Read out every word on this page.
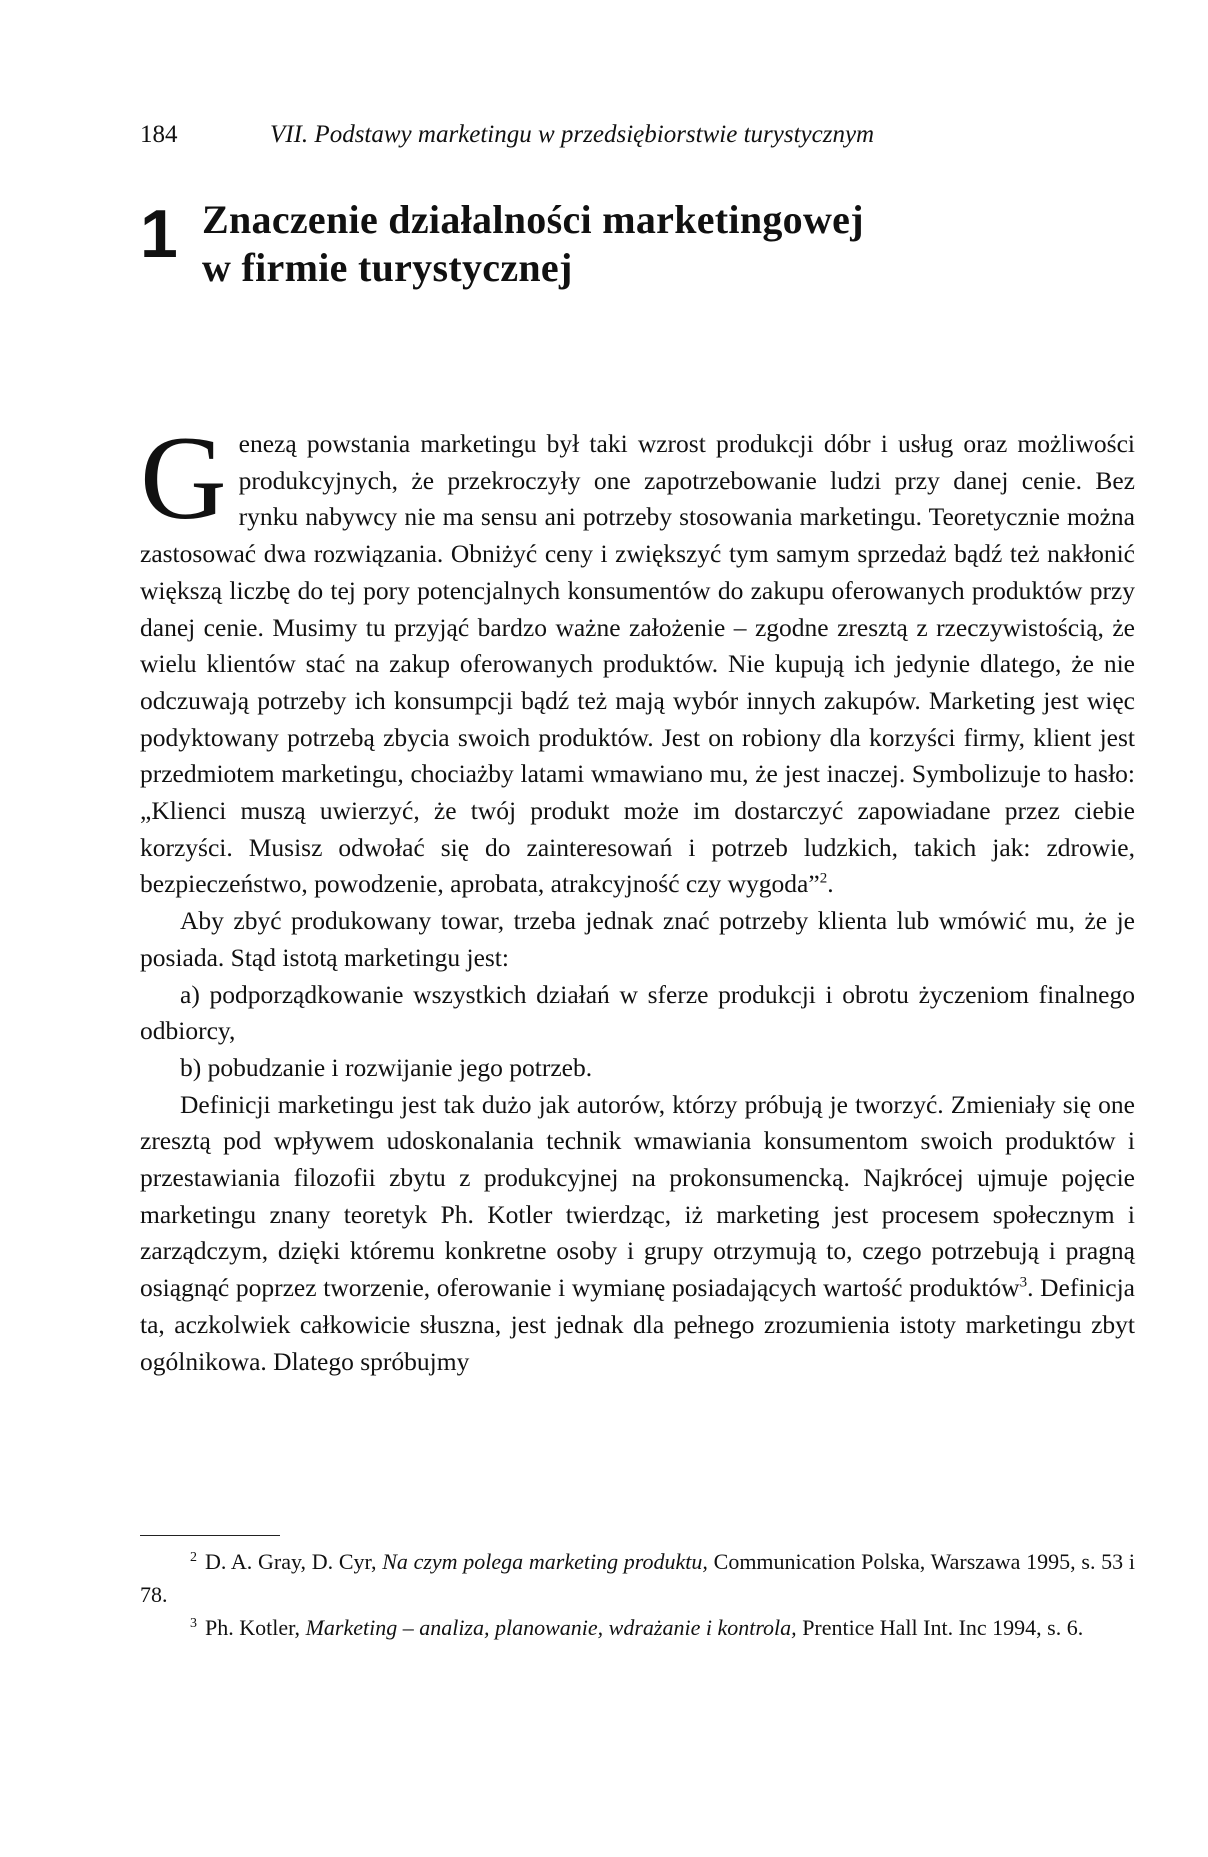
184	VII. Podstawy marketingu w przedsiębiorstwie turystycznym
1 Znaczenie działalności marketingowej
w firmie turystycznej

Genezą powstania marketingu był taki wzrost produkcji dóbr i usług oraz możliwości produkcyjnych, że przekroczyły one zapotrzebowanie ludzi przy danej cenie. Bez rynku nabywcy nie ma sensu ani potrzeby stosowania marketingu. Teoretycznie można zastosować dwa rozwiązania. Obniżyć ceny i zwiększyć tym samym sprzedaż bądź też nakłonić większą liczbę do tej pory potencjalnych konsumentów do zakupu oferowanych produktów przy danej cenie. Musimy tu przyjąć bardzo ważne założenie – zgodne zresztą z rzeczywistością, że wielu klientów stać na zakup oferowanych produktów. Nie kupują ich jedynie dlatego, że nie odczuwają potrzeby ich konsumpcji bądź też mają wybór innych zakupów. Marketing jest więc podyktowany potrzebą zbycia swoich produktów. Jest on robiony dla korzyści firmy, klient jest przedmiotem marketingu, chociażby latami wmawiano mu, że jest inaczej. Symbolizuje to hasło: „Klienci muszą uwierzyć, że twój produkt może im dostarczyć zapowiadane przez ciebie korzyści. Musisz odwołać się do zainteresowań i potrzeb ludzkich, takich jak: zdrowie, bezpieczeństwo, powodzenie, aprobata, atrakcyjność czy wygoda”$^2$.

Aby zbyć produkowany towar, trzeba jednak znać potrzeby klienta lub wmówić mu, że je posiada. Stąd istotą marketingu jest:

a) podporządkowanie wszystkich działań w sferze produkcji i obrotu życzeniom finalnego odbiorcy,

b) pobudzanie i rozwijanie jego potrzeb.

Definicji marketingu jest tak dużo jak autorów, którzy próbują je tworzyć. Zmieniały się one zresztą pod wpływem udoskonalania technik wmawiania konsumentom swoich produktów i przestawiania filozofii zbytu z produkcyjnej na prokonsumencką. Najkrócej ujmuje pojęcie marketingu znany teoretyk Ph. Kotler twierdząc, iż marketing jest procesem społecznym i zarządczym, dzięki któremu konkretne osoby i grupy otrzymują to, czego potrzebują i pragną osiągnąć poprzez tworzenie, oferowanie i wymianę posiadających wartość produktów$^3$. Definicja ta, aczkolwiek całkowicie słuszna, jest jednak dla pełnego zrozumienia istoty marketingu zbyt ogólnikowa. Dlatego spróbujmy

$^2$ D. A. Gray, D. Cyr, Na czym polega marketing produktu, Communication Polska, Warszawa 1995, s. 53 i 78.

$^3$ Ph. Kotler, Marketing – analiza, planowanie, wdrażanie i kontrola, Prentice Hall Int. Inc 1994, s. 6.
